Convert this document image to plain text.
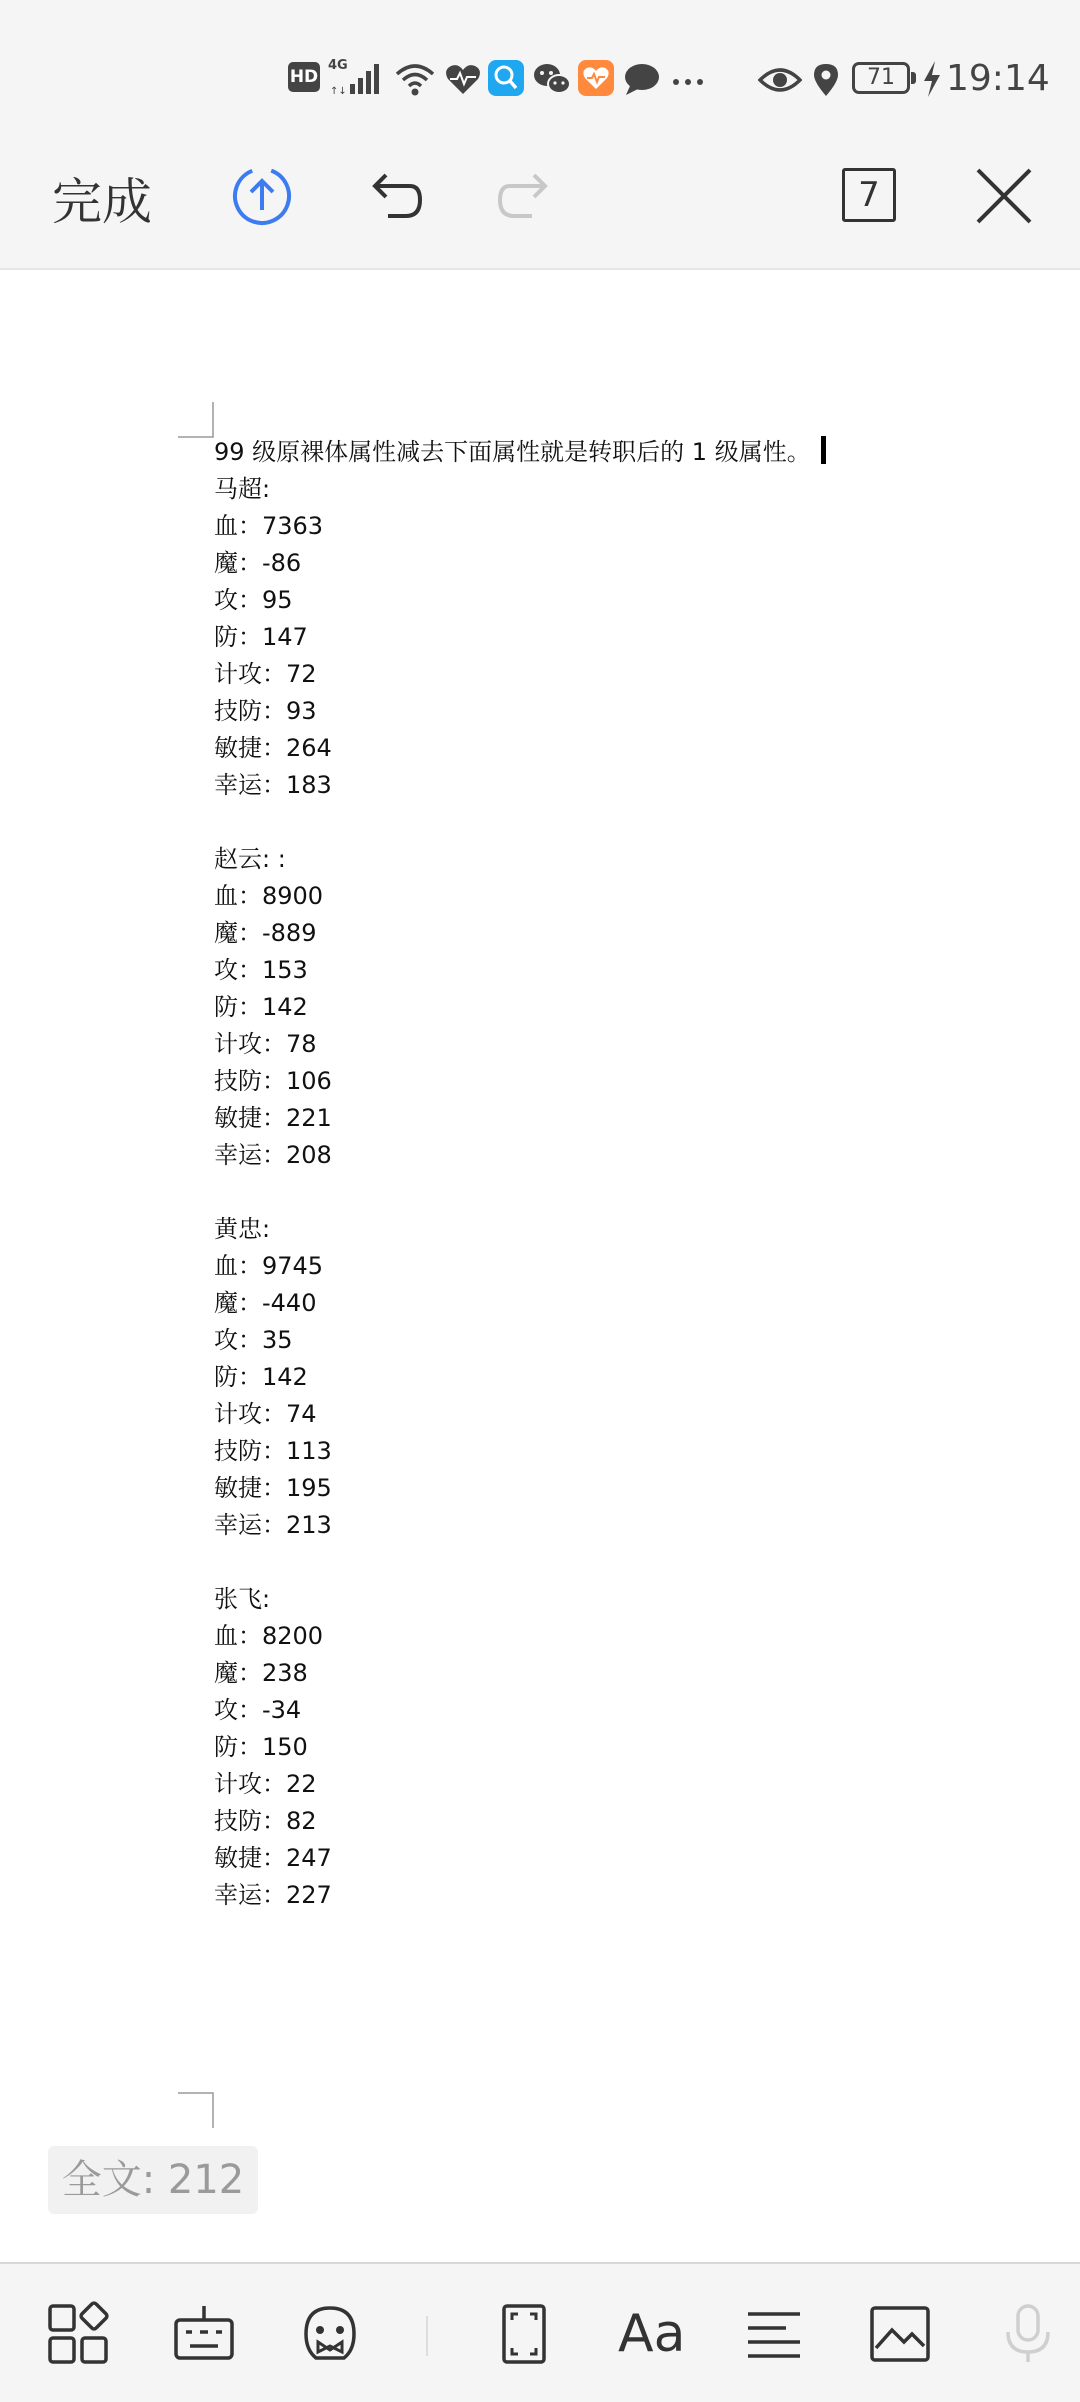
HD
4G
↑↓
71	19:14
完成	7
99 级原裸体属性减去下面属性就是转职后的 1 级属性。
马超:
血：7363
魔：-86
攻：95
防：147
计攻：72
技防：93
敏捷：264
幸运：183
赵云: :
血：8900
魔：-889
攻：153
防：142
计攻：78
技防：106
敏捷：221
幸运：208
黄忠:
血：9745
魔：-440
攻：35
防：142
计攻：74
技防：113
敏捷：195
幸运：213
张飞:
血：8200
魔：238
攻：-34
防：150
计攻：22
技防：82
敏捷：247
幸运：227
全文: 212
Aa
